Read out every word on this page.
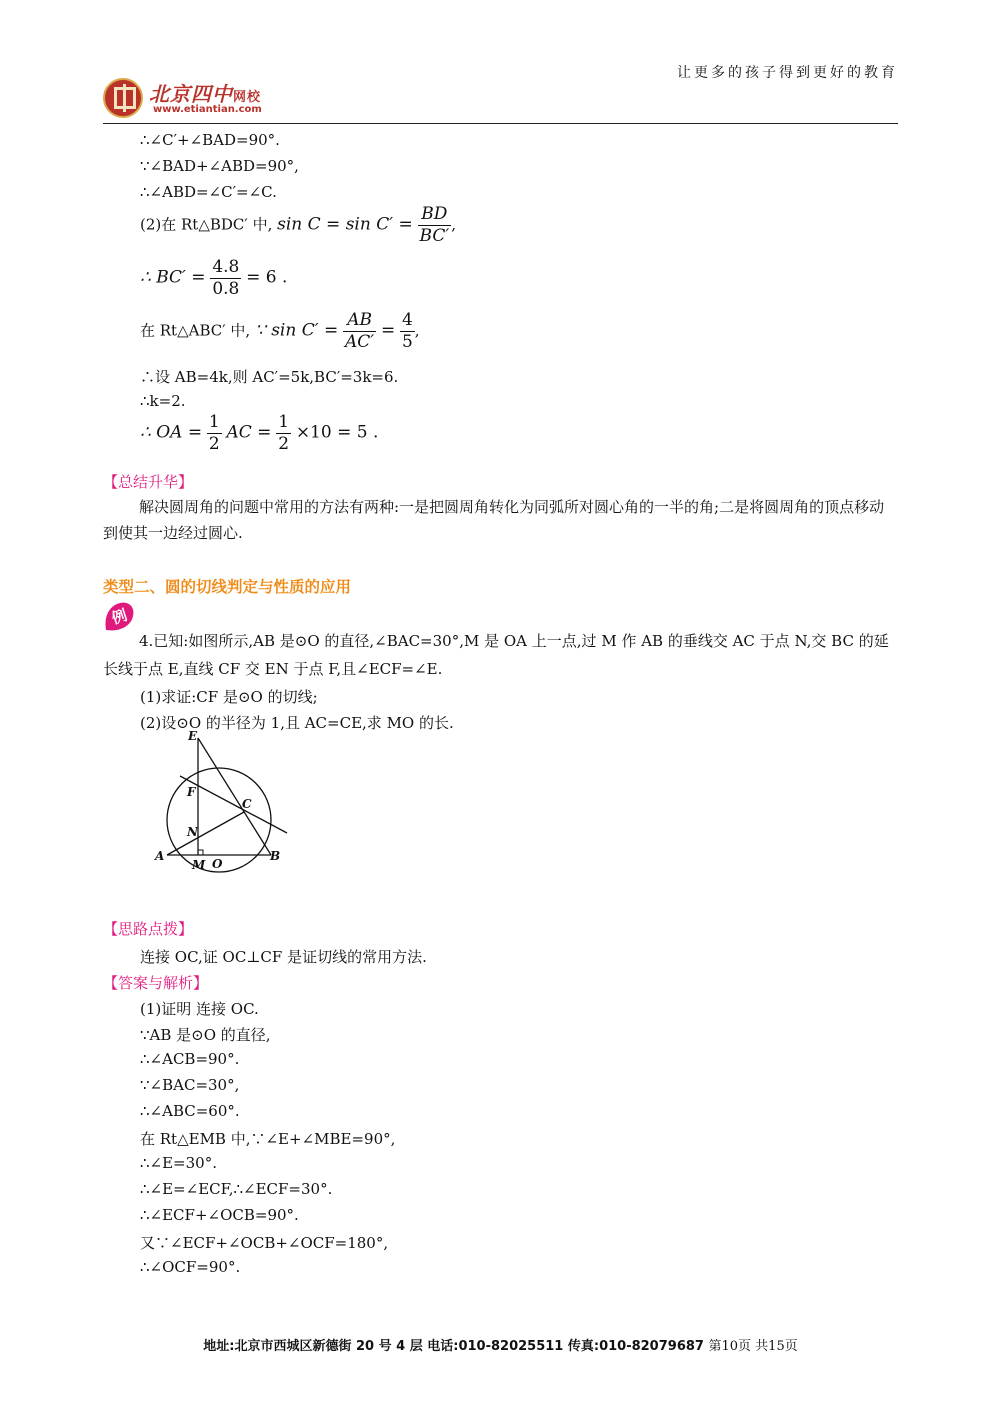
北京四中网校
www.etiantian.com
让更多的孩子得到更好的教育
∴∠C′+∠BAD=90°.
∵∠BAD+∠ABD=90°,
∴∠ABD=∠C′=∠C.
(2)在 Rt△BDC′ 中, $\sin C = \sin C' = \frac{BD}{BC'}$ ,
∴ $BC' = \frac{4.8}{0.8} = 6$ .
在 Rt△ABC′ 中, ∵ $\sin C' = \frac{AB}{AC'} = \frac{4}{5}$ ,
∴设 AB=4k,则 AC′=5k,BC′=3k=6.
∴k=2.
∴ OA = $\frac{1}{2}$ AC = $\frac{1}{2} \times 10 = 5$ .
【总结升华】
解决圆周角的问题中常用的方法有两种:一是把圆周角转化为同弧所对圆心角的一半的角;二是将圆周角的顶点移动到使其一边经过圆心.
类型二、圆的切线判定与性质的应用
例
4.已知:如图所示,AB 是⊙O 的直径,∠BAC=30°,M 是 OA 上一点,过 M 作 AB 的垂线交 AC 于点 N,交 BC 的延长线于点 E,直线 CF 交 EN 于点 F,且∠ECF=∠E.
(1)求证:CF 是⊙O 的切线;
(2)设⊙O 的半径为 1,且 AC=CE,求 MO 的长.
E
F
C
N
A
M O
B
【思路点拨】
连接 OC,证 OC⊥CF 是证切线的常用方法.
【答案与解析】
(1)证明 连接 OC.
∵AB 是⊙O 的直径,
∴∠ACB=90°.
∵∠BAC=30°,
∴∠ABC=60°.
在 Rt△EMB 中,∵∠E+∠MBE=90°,
∴∠E=30°.
∴∠E=∠ECF,∴∠ECF=30°.
∴∠ECF+∠OCB=90°.
又∵∠ECF+∠OCB+∠OCF=180°,
∴∠OCF=90°.
地址:北京市西城区新德街 20 号 4 层 电话:010-82025511 传真:010-82079687 第10页 共15页
